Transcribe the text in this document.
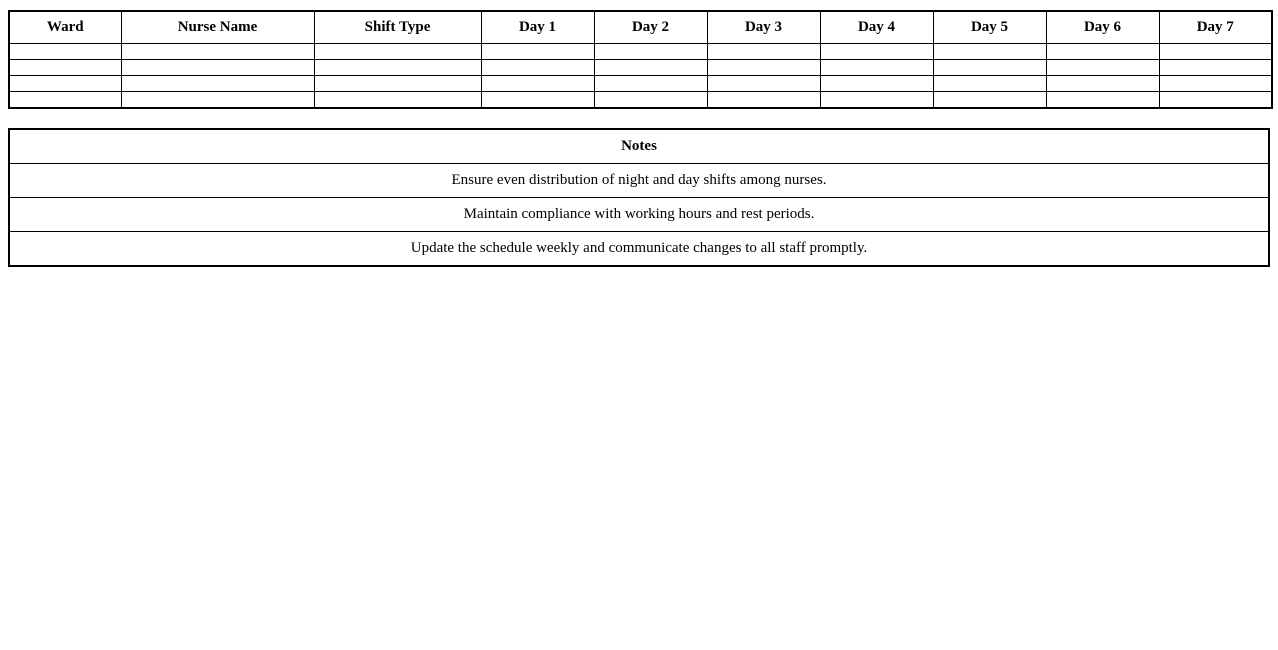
Ward	Nurse Name	Shift Type	Day 1	Day 2	Day 3	Day 4	Day 5	Day 6	Day 7

Notes
Ensure even distribution of night and day shifts among nurses.
Maintain compliance with working hours and rest periods.
Update the schedule weekly and communicate changes to all staff promptly.
